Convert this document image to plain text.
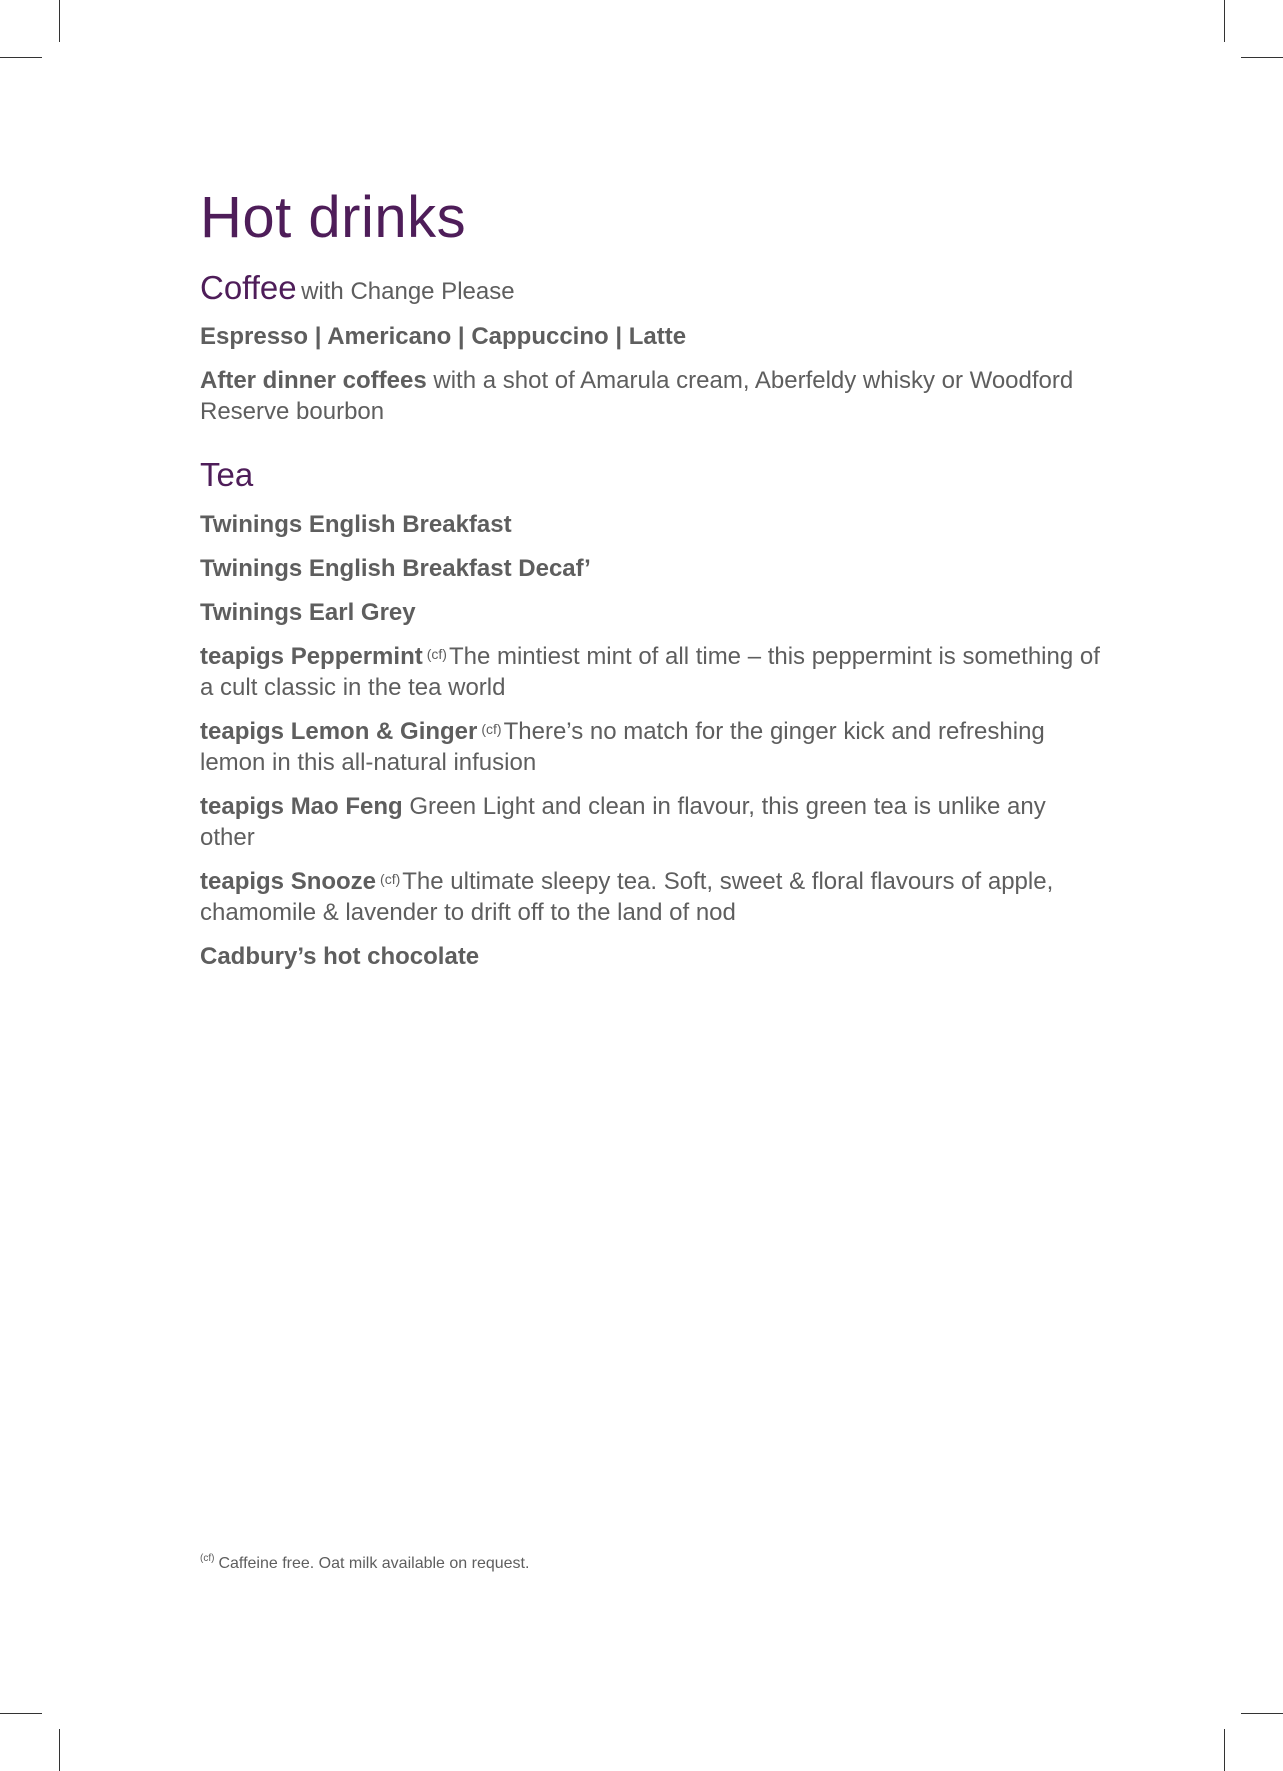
Hot drinks
Coffee with Change Please

Espresso | Americano | Cappuccino | Latte

After dinner coffees with a shot of Amarula cream, Aberfeldy whisky or Woodford Reserve bourbon

Tea

Twinings English Breakfast

Twinings English Breakfast Decaf’

Twinings Earl Grey

teapigs Peppermint $^{(cf)}$The mintiest mint of all time – this peppermint is something of a cult classic in the tea world

teapigs Lemon & Ginger $^{(cf)}$There’s no match for the ginger kick and refreshing lemon in this all-natural infusion

teapigs Mao Feng Green Light and clean in flavour, this green tea is unlike any other

teapigs Snooze $^{(cf)}$The ultimate sleepy tea. Soft, sweet & floral flavours of apple, chamomile & lavender to drift off to the land of nod

Cadbury’s hot chocolate

$^{(cf)}$ Caffeine free. Oat milk available on request.
